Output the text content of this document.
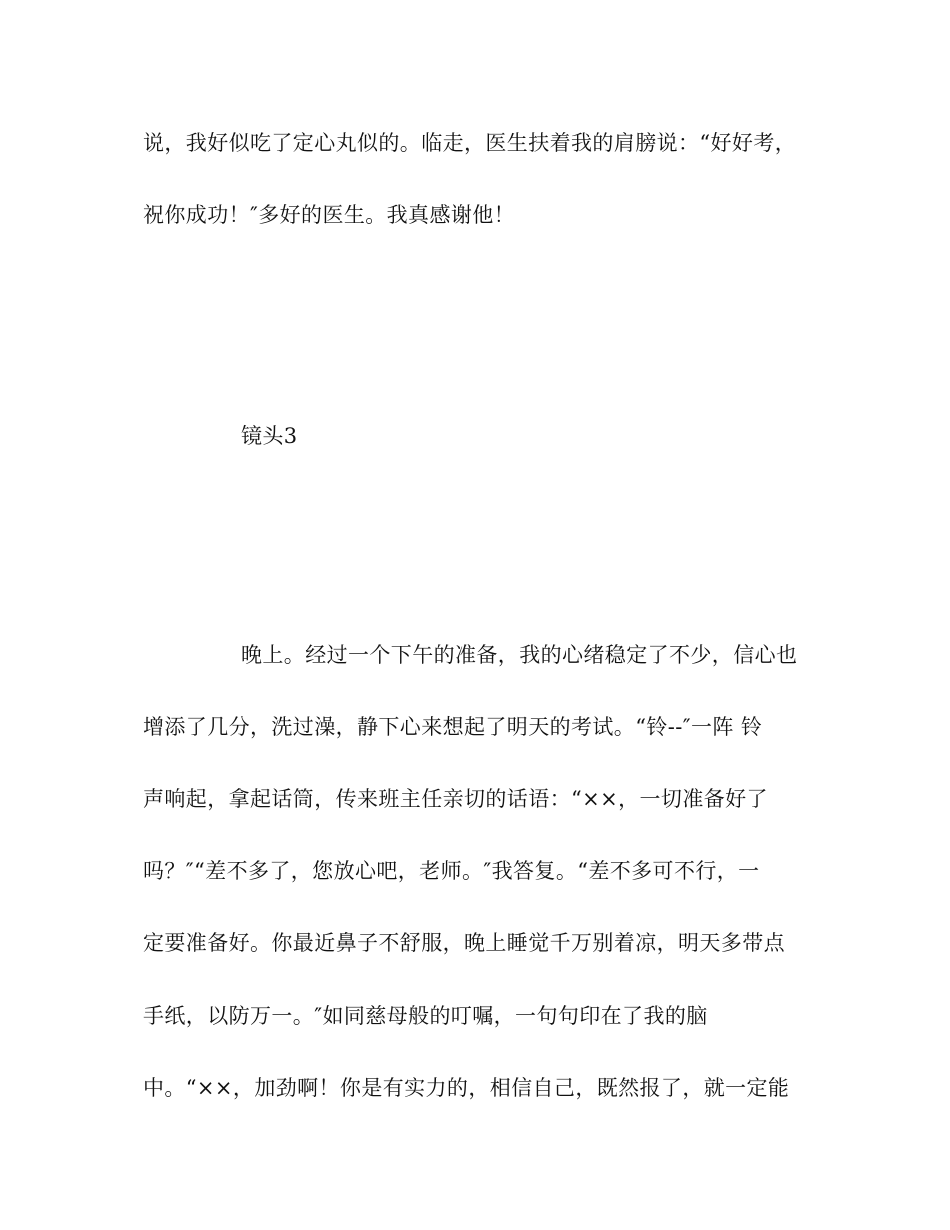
说，我好似吃了定心丸似的。临走，医生扶着我的肩膀说：“好好考，
祝你成功！″多好的医生。我真感谢他！
镜头3
晚上。经过一个下午的准备，我的心绪稳定了不少，信心也
增添了几分，洗过澡，静下心来想起了明天的考试。“铃--″一阵 铃
声响起，拿起话筒，传来班主任亲切的话语：“××，一切准备好了
吗？″“差不多了，您放心吧，老师。″我答复。“差不多可不行，一
定要准备好。你最近鼻子不舒服，晚上睡觉千万别着凉，明天多带点
手纸，以防万一。″如同慈母般的叮嘱，一句句印在了我的脑
中。“××，加劲啊！你是有实力的，相信自己，既然报了，就一定能
